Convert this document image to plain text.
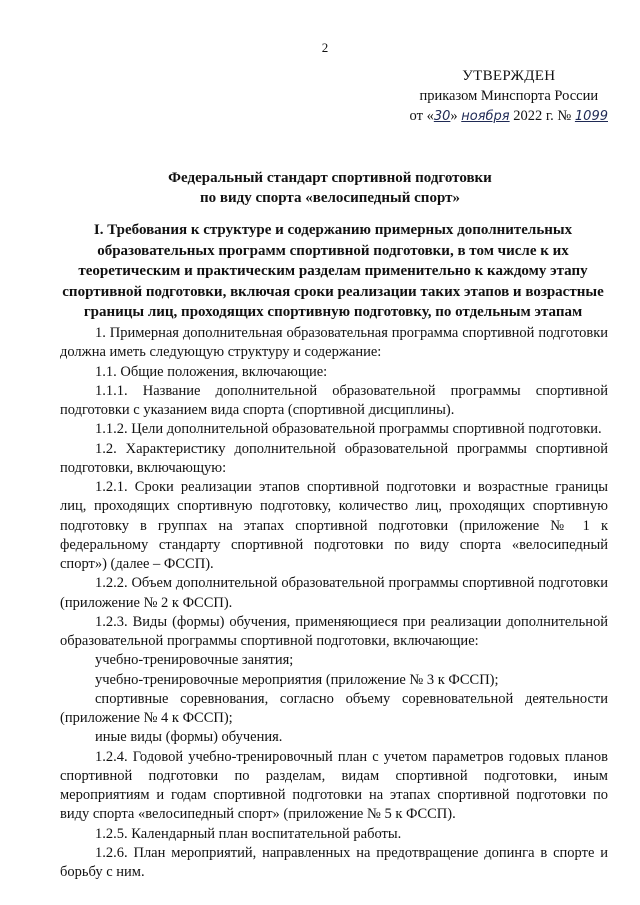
2
УТВЕРЖДЕН
приказом Минспорта России
от «30» ноября 2022 г. № 1099
Федеральный стандарт спортивной подготовки
по виду спорта «велосипедный спорт»
I. Требования к структуре и содержанию примерных дополнительных образовательных программ спортивной подготовки, в том числе к их теоретическим и практическим разделам применительно к каждому этапу спортивной подготовки, включая сроки реализации таких этапов и возрастные границы лиц, проходящих спортивную подготовку, по отдельным этапам

1. Примерная дополнительная образовательная программа спортивной подготовки должна иметь следующую структуру и содержание:

1.1. Общие положения, включающие:

1.1.1. Название дополнительной образовательной программы спортивной подготовки с указанием вида спорта (спортивной дисциплины).

1.1.2. Цели дополнительной образовательной программы спортивной подготовки.

1.2. Характеристику дополнительной образовательной программы спортивной подготовки, включающую:

1.2.1. Сроки реализации этапов спортивной подготовки и возрастные границы лиц, проходящих спортивную подготовку, количество лиц, проходящих спортивную подготовку в группах на этапах спортивной подготовки (приложение № 1 к федеральному стандарту спортивной подготовки по виду спорта «велосипедный спорт») (далее – ФССП).

1.2.2. Объем дополнительной образовательной программы спортивной подготовки (приложение № 2 к ФССП).

1.2.3. Виды (формы) обучения, применяющиеся при реализации дополнительной образовательной программы спортивной подготовки, включающие:

учебно-тренировочные занятия;

учебно-тренировочные мероприятия (приложение № 3 к ФССП);

спортивные соревнования, согласно объему соревновательной деятельности (приложение № 4 к ФССП);

иные виды (формы) обучения.

1.2.4. Годовой учебно-тренировочный план с учетом параметров годовых планов спортивной подготовки по разделам, видам спортивной подготовки, иным мероприятиям и годам спортивной подготовки на этапах спортивной подготовки по виду спорта «велосипедный спорт» (приложение № 5 к ФССП).

1.2.5. Календарный план воспитательной работы.

1.2.6. План мероприятий, направленных на предотвращение допинга в спорте и борьбу с ним.
